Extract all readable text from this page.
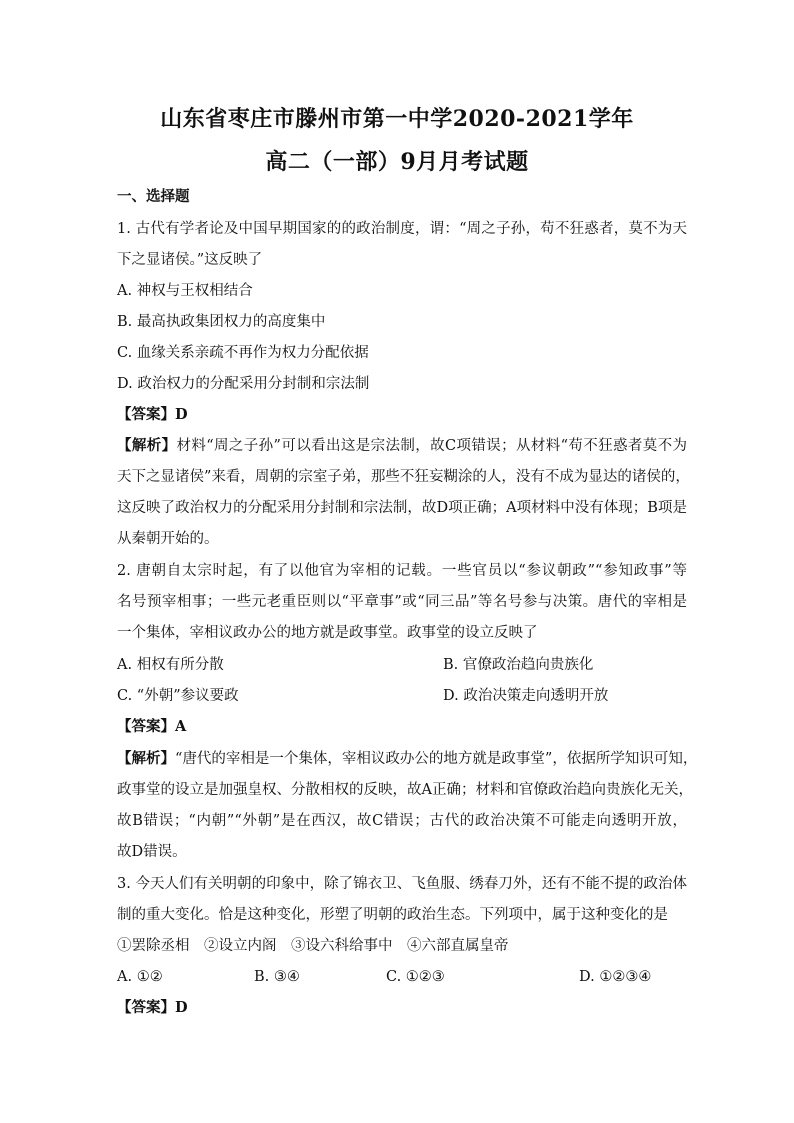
山东省枣庄市滕州市第一中学2020-2021学年
高二（一部）9月月考试题
一、选择题
1. 古代有学者论及中国早期国家的的政治制度，谓：“周之子孙，苟不狂惑者，莫不为天
下之显诸侯。”这反映了
A. 神权与王权相结合
B. 最高执政集团权力的高度集中
C. 血缘关系亲疏不再作为权力分配依据
D. 政治权力的分配采用分封制和宗法制
【答案】D
【解析】材料“周之子孙”可以看出这是宗法制，故C项错误；从材料“苟不狂惑者莫不为
天下之显诸侯”来看，周朝的宗室子弟，那些不狂妄糊涂的人，没有不成为显达的诸侯的，
这反映了政治权力的分配采用分封制和宗法制，故D项正确；A项材料中没有体现；B项是
从秦朝开始的。
2. 唐朝自太宗时起，有了以他官为宰相的记载。一些官员以“参议朝政”“参知政事”等
名号预宰相事；一些元老重臣则以“平章事”或“同三品”等名号参与决策。唐代的宰相是
一个集体，宰相议政办公的地方就是政事堂。政事堂的设立反映了
A. 相权有所分散	B. 官僚政治趋向贵族化
C. “外朝”参议要政	D. 政治决策走向透明开放
【答案】A
【解析】“唐代的宰相是一个集体，宰相议政办公的地方就是政事堂”，依据所学知识可知，
政事堂的设立是加强皇权、分散相权的反映，故A正确；材料和官僚政治趋向贵族化无关，
故B错误；“内朝”“外朝”是在西汉，故C错误；古代的政治决策不可能走向透明开放，
故D错误。
3. 今天人们有关明朝的印象中，除了锦衣卫、飞鱼服、绣春刀外，还有不能不提的政治体
制的重大变化。恰是这种变化，形塑了明朝的政治生态。下列项中，属于这种变化的是
①罢除丞相　②设立内阁　③设六科给事中　④六部直属皇帝
A. ①②	B. ③④	C. ①②③	D. ①②③④
【答案】D
